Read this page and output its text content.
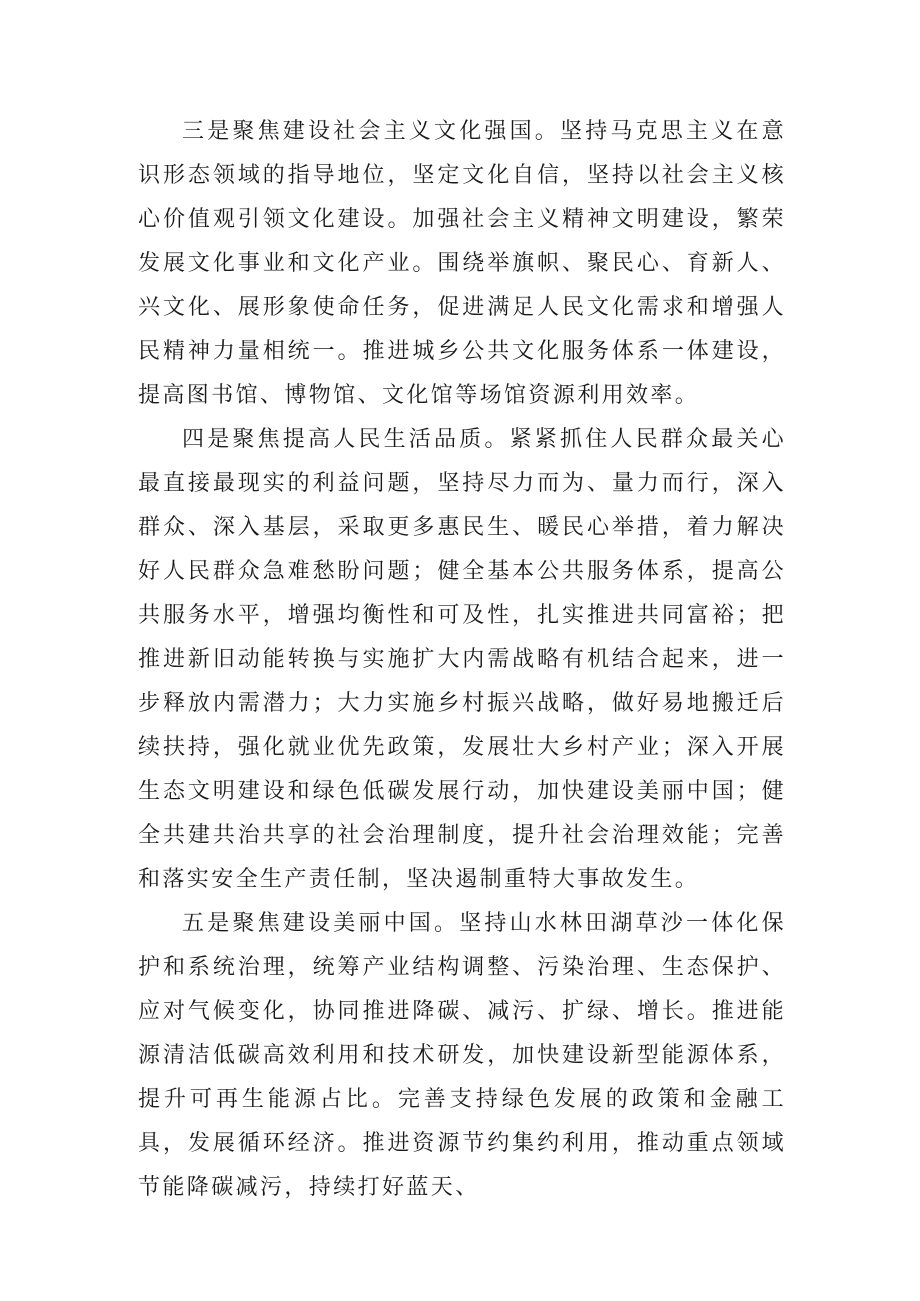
三是聚焦建设社会主义文化强国。坚持马克思主义在意识形态领域的指导地位，坚定文化自信，坚持以社会主义核心价值观引领文化建设。加强社会主义精神文明建设，繁荣发展文化事业和文化产业。围绕举旗帜、聚民心、育新人、兴文化、展形象使命任务，促进满足人民文化需求和增强人民精神力量相统一。推进城乡公共文化服务体系一体建设，提高图书馆、博物馆、文化馆等场馆资源利用效率。

四是聚焦提高人民生活品质。紧紧抓住人民群众最关心最直接最现实的利益问题，坚持尽力而为、量力而行，深入群众、深入基层，采取更多惠民生、暖民心举措，着力解决好人民群众急难愁盼问题；健全基本公共服务体系，提高公共服务水平，增强均衡性和可及性，扎实推进共同富裕；把推进新旧动能转换与实施扩大内需战略有机结合起来，进一步释放内需潜力；大力实施乡村振兴战略，做好易地搬迁后续扶持，强化就业优先政策，发展壮大乡村产业；深入开展生态文明建设和绿色低碳发展行动，加快建设美丽中国；健全共建共治共享的社会治理制度，提升社会治理效能；完善和落实安全生产责任制，坚决遏制重特大事故发生。

五是聚焦建设美丽中国。坚持山水林田湖草沙一体化保护和系统治理，统筹产业结构调整、污染治理、生态保护、应对气候变化，协同推进降碳、减污、扩绿、增长。推进能源清洁低碳高效利用和技术研发，加快建设新型能源体系，提升可再生能源占比。完善支持绿色发展的政策和金融工具，发展循环经济。推进资源节约集约利用，推动重点领域节能降碳减污，持续打好蓝天、
